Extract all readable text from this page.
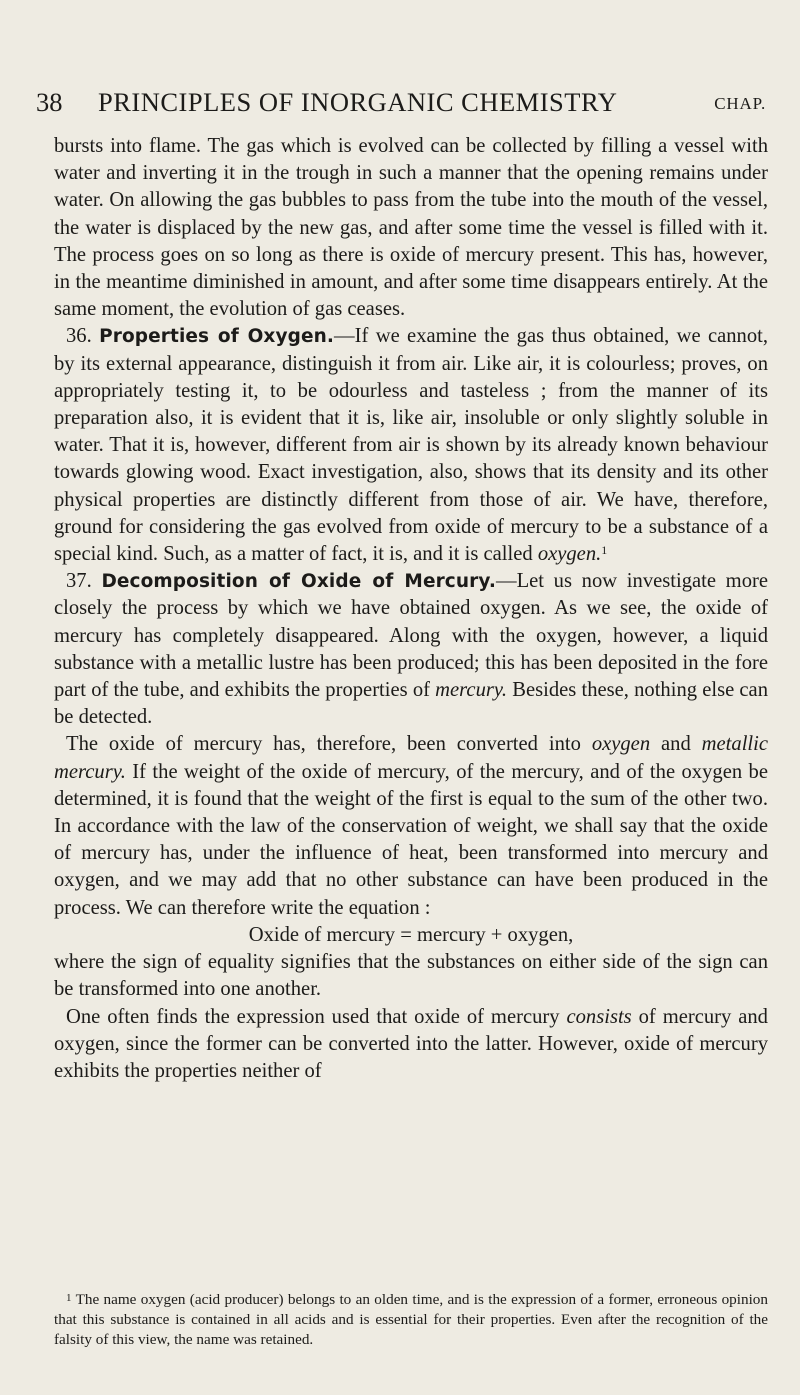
38 PRINCIPLES OF INORGANIC CHEMISTRY	CHAP.

bursts into flame. The gas which is evolved can be collected by filling a vessel with water and inverting it in the trough in such a manner that the opening remains under water. On allowing the gas bubbles to pass from the tube into the mouth of the vessel, the water is displaced by the new gas, and after some time the vessel is filled with it. The process goes on so long as there is oxide of mercury present. This has, however, in the meantime diminished in amount, and after some time disappears entirely. At the same moment, the evolution of gas ceases.

36. Properties of Oxygen.—If we examine the gas thus obtained, we cannot, by its external appearance, distinguish it from air. Like air, it is colourless; proves, on appropriately testing it, to be odourless and tasteless ; from the manner of its preparation also, it is evident that it is, like air, insoluble or only slightly soluble in water. That it is, however, different from air is shown by its already known behaviour towards glowing wood. Exact investigation, also, shows that its density and its other physical properties are distinctly different from those of air. We have, therefore, ground for considering the gas evolved from oxide of mercury to be a substance of a special kind. Such, as a matter of fact, it is, and it is called oxygen.$^1$

37. Decomposition of Oxide of Mercury.—Let us now investigate more closely the process by which we have obtained oxygen. As we see, the oxide of mercury has completely disappeared. Along with the oxygen, however, a liquid substance with a metallic lustre has been produced; this has been deposited in the fore part of the tube, and exhibits the properties of mercury. Besides these, nothing else can be detected.

The oxide of mercury has, therefore, been converted into oxygen and metallic mercury. If the weight of the oxide of mercury, of the mercury, and of the oxygen be determined, it is found that the weight of the first is equal to the sum of the other two. In accordance with the law of the conservation of weight, we shall say that the oxide of mercury has, under the influence of heat, been transformed into mercury and oxygen, and we may add that no other substance can have been produced in the process. We can therefore write the equation :

Oxide of mercury = mercury + oxygen,

where the sign of equality signifies that the substances on either side of the sign can be transformed into one another.

One often finds the expression used that oxide of mercury consists of mercury and oxygen, since the former can be converted into the latter. However, oxide of mercury exhibits the properties neither of

$^1$ The name oxygen (acid producer) belongs to an olden time, and is the expression of a former, erroneous opinion that this substance is contained in all acids and is essential for their properties. Even after the recognition of the falsity of this view, the name was retained.
